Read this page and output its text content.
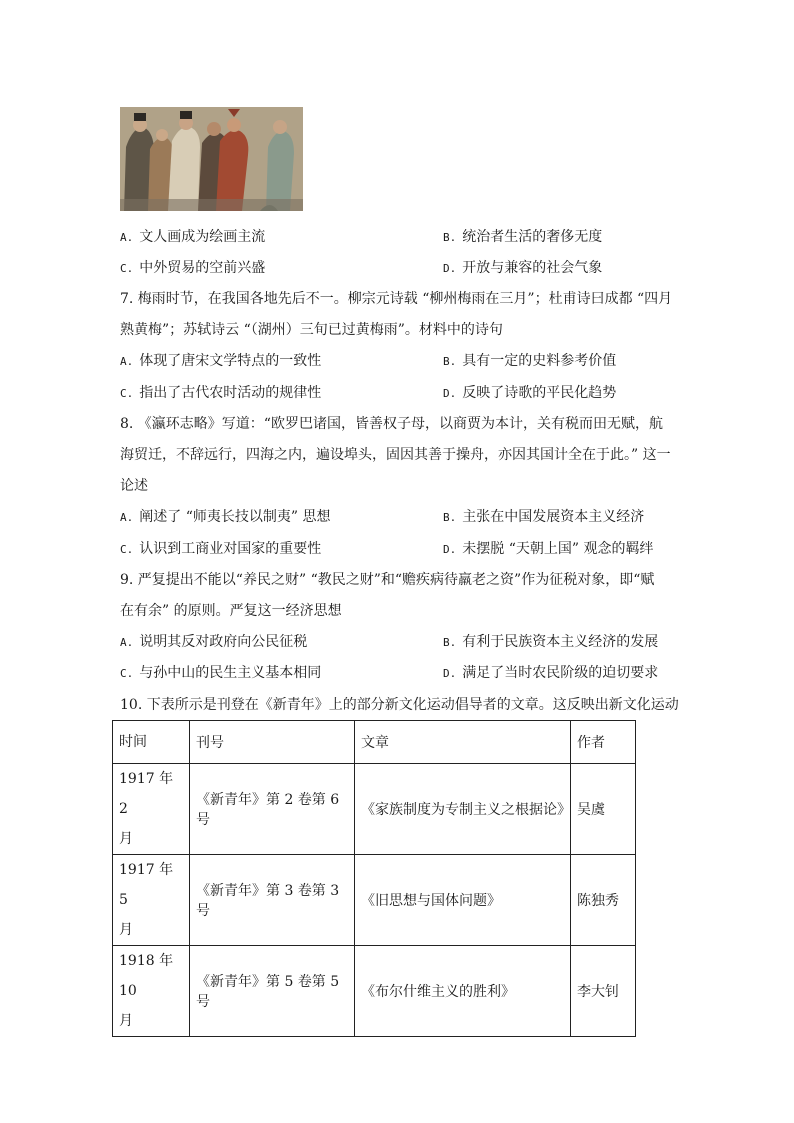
A. 文人画成为绘画主流	B. 统治者生活的奢侈无度
C. 中外贸易的空前兴盛	D. 开放与兼容的社会气象
7. 梅雨时节，在我国各地先后不一。柳宗元诗载 “柳州梅雨在三月”；杜甫诗曰成都 “四月
熟黄梅”；苏轼诗云 “（湖州）三旬已过黄梅雨”。材料中的诗句
A. 体现了唐宋文学特点的一致性	B. 具有一定的史料参考价值
C. 指出了古代农时活动的规律性	D. 反映了诗歌的平民化趋势
8. 《瀛环志略》写道：“欧罗巴诸国，皆善权子母，以商贾为本计，关有税而田无赋，航
海贸迁，不辞远行，四海之内，遍设埠头，固因其善于操舟，亦因其国计全在于此。” 这一
论述
A. 阐述了 “师夷长技以制夷” 思想	B. 主张在中国发展资本主义经济
C. 认识到工商业对国家的重要性	D. 未摆脱 “天朝上国” 观念的羁绊
9. 严复提出不能以“养民之财” “教民之财”和“赡疾病待羸老之资”作为征税对象，即“赋
在有余” 的原则。严复这一经济思想
A. 说明其反对政府向公民征税	B. 有利于民族资本主义经济的发展
C. 与孙中山的民生主义基本相同	D. 满足了当时农民阶级的迫切要求
10. 下表所示是刊登在《新青年》上的部分新文化运动倡导者的文章。这反映出新文化运动
时间	刊号	文章	作者

1917 年 2
月	《新青年》第 2 卷第 6 号	《家族制度为专制主义之根据论》	吴虞

1917 年 5
月	《新青年》第 3 卷第 3 号	《旧思想与国体问题》	陈独秀

1918 年 10
月	《新青年》第 5 卷第 5 号	《布尔什维主义的胜利》	李大钊
